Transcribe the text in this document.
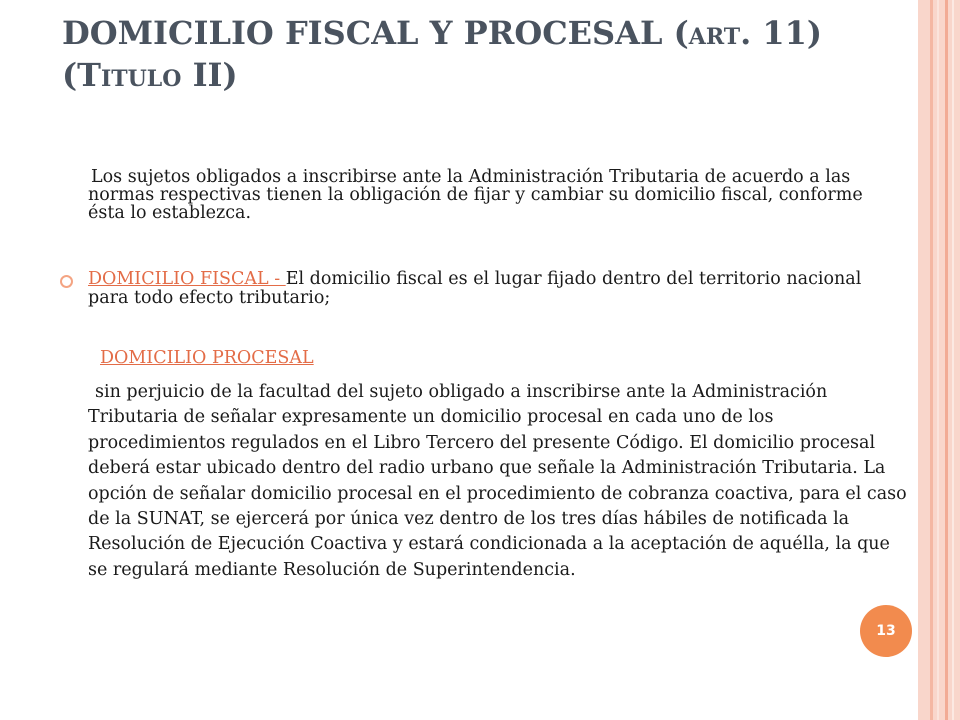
DOMICILIO FISCAL Y PROCESAL (ART. 11)
(TITULO II)

Los sujetos obligados a inscribirse ante la Administración Tributaria de acuerdo a las normas respectivas tienen la obligación de fijar y cambiar su domicilio fiscal, conforme ésta lo establezca.

DOMICILIO FISCAL - El domicilio fiscal es el lugar fijado dentro del territorio nacional para todo efecto tributario;

DOMICILIO PROCESAL

sin perjuicio de la facultad del sujeto obligado a inscribirse ante la Administración Tributaria de señalar expresamente un domicilio procesal en cada uno de los procedimientos regulados en el Libro Tercero del presente Código. El domicilio procesal deberá estar ubicado dentro del radio urbano que señale la Administración Tributaria. La opción de señalar domicilio procesal en el procedimiento de cobranza coactiva, para el caso de la SUNAT, se ejercerá por única vez dentro de los tres días hábiles de notificada la Resolución de Ejecución Coactiva y estará condicionada a la aceptación de aquélla, la que se regulará mediante Resolución de Superintendencia.

13
